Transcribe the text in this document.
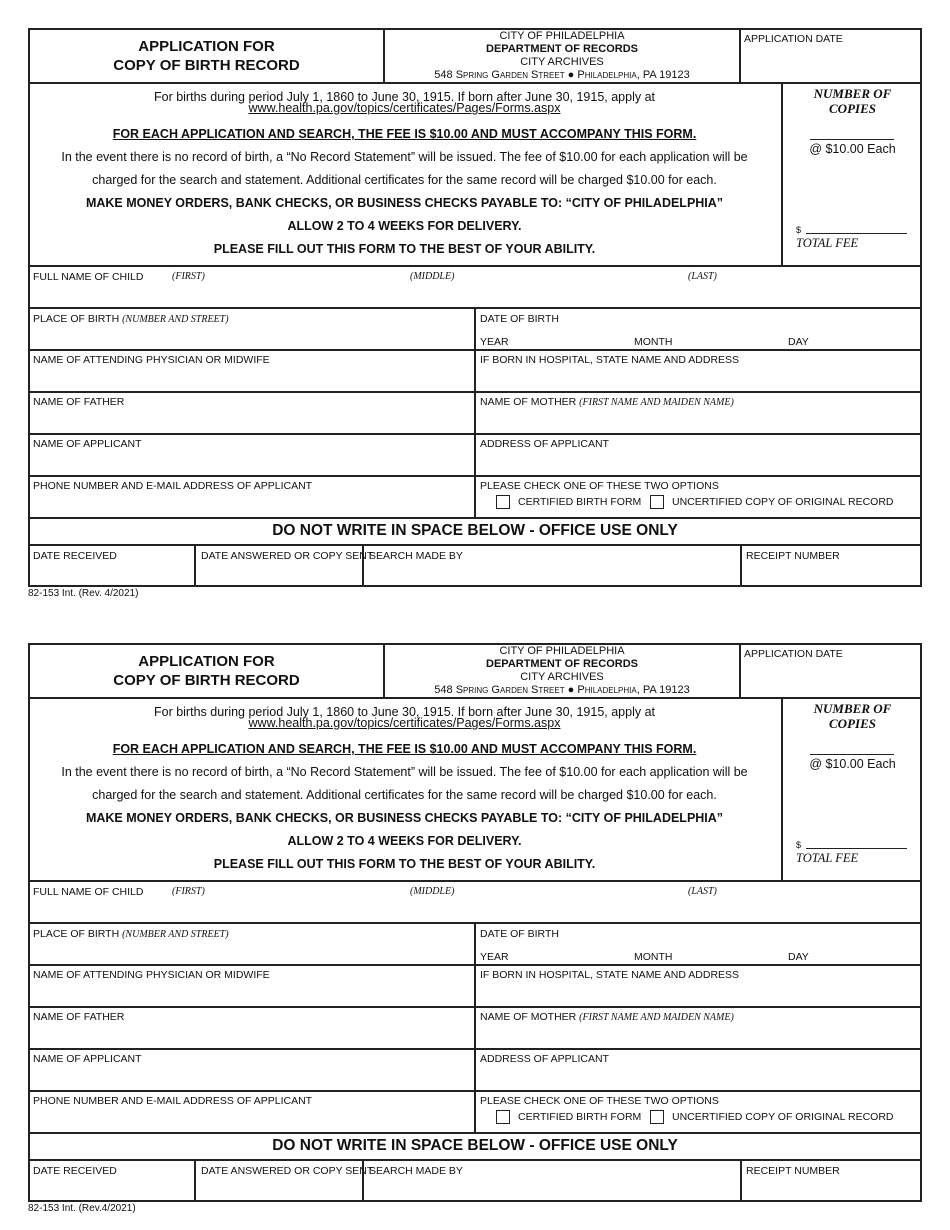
APPLICATION FOR
COPY OF BIRTH RECORD
CITY OF PHILADELPHIA
DEPARTMENT OF RECORDS
CITY ARCHIVES
548 Spring Garden Street ● Philadelphia, PA 19123
APPLICATION DATE
For births during period July 1, 1860 to June 30, 1915. If born after June 30, 1915, apply at
www.health.pa.gov/topics/certificates/Pages/Forms.aspx
FOR EACH APPLICATION AND SEARCH, THE FEE IS $10.00 AND MUST ACCOMPANY THIS FORM.
In the event there is no record of birth, a “No Record Statement” will be issued. The fee of $10.00 for each application will be
charged for the search and statement. Additional certificates for the same record will be charged $10.00 for each.
MAKE MONEY ORDERS, BANK CHECKS, OR BUSINESS CHECKS PAYABLE TO: “CITY OF PHILADELPHIA”
ALLOW 2 TO 4 WEEKS FOR DELIVERY.
PLEASE FILL OUT THIS FORM TO THE BEST OF YOUR ABILITY.
NUMBER OF
COPIES
@ $10.00 Each
$
TOTAL FEE
FULL NAME OF CHILD	(FIRST)	(MIDDLE)	(LAST)
PLACE OF BIRTH (NUMBER AND STREET)	DATE OF BIRTH
YEAR	MONTH	DAY
NAME OF ATTENDING PHYSICIAN OR MIDWIFE	IF BORN IN HOSPITAL, STATE NAME AND ADDRESS
NAME OF FATHER	NAME OF MOTHER (FIRST NAME AND MAIDEN NAME)
NAME OF APPLICANT	ADDRESS OF APPLICANT
PHONE NUMBER AND E-MAIL ADDRESS OF APPLICANT	PLEASE CHECK ONE OF THESE TWO OPTIONS
CERTIFIED BIRTH FORM	UNCERTIFIED COPY OF ORIGINAL RECORD
DO NOT WRITE IN SPACE BELOW - OFFICE USE ONLY
DATE RECEIVED	DATE ANSWERED OR COPY SENT
SEARCH MADE BY	RECEIPT NUMBER
82-153 Int. (Rev. 4/2021)
APPLICATION FOR
COPY OF BIRTH RECORD
CITY OF PHILADELPHIA
DEPARTMENT OF RECORDS
CITY ARCHIVES
548 Spring Garden Street ● Philadelphia, PA 19123
APPLICATION DATE
For births during period July 1, 1860 to June 30, 1915. If born after June 30, 1915, apply at
www.health.pa.gov/topics/certificates/Pages/Forms.aspx
FOR EACH APPLICATION AND SEARCH, THE FEE IS $10.00 AND MUST ACCOMPANY THIS FORM.
In the event there is no record of birth, a “No Record Statement” will be issued. The fee of $10.00 for each application will be
charged for the search and statement. Additional certificates for the same record will be charged $10.00 for each.
MAKE MONEY ORDERS, BANK CHECKS, OR BUSINESS CHECKS PAYABLE TO: “CITY OF PHILADELPHIA”
ALLOW 2 TO 4 WEEKS FOR DELIVERY.
PLEASE FILL OUT THIS FORM TO THE BEST OF YOUR ABILITY.
NUMBER OF
COPIES
@ $10.00 Each
$
TOTAL FEE
FULL NAME OF CHILD	(FIRST)	(MIDDLE)	(LAST)
PLACE OF BIRTH (NUMBER AND STREET)	DATE OF BIRTH
YEAR	MONTH	DAY
NAME OF ATTENDING PHYSICIAN OR MIDWIFE	IF BORN IN HOSPITAL, STATE NAME AND ADDRESS
NAME OF FATHER	NAME OF MOTHER (FIRST NAME AND MAIDEN NAME)
NAME OF APPLICANT	ADDRESS OF APPLICANT
PHONE NUMBER AND E-MAIL ADDRESS OF APPLICANT	PLEASE CHECK ONE OF THESE TWO OPTIONS
CERTIFIED BIRTH FORM	UNCERTIFIED COPY OF ORIGINAL RECORD
DO NOT WRITE IN SPACE BELOW - OFFICE USE ONLY
DATE RECEIVED	DATE ANSWERED OR COPY SENT
SEARCH MADE BY	RECEIPT NUMBER
82-153 Int. (Rev.4/2021)
